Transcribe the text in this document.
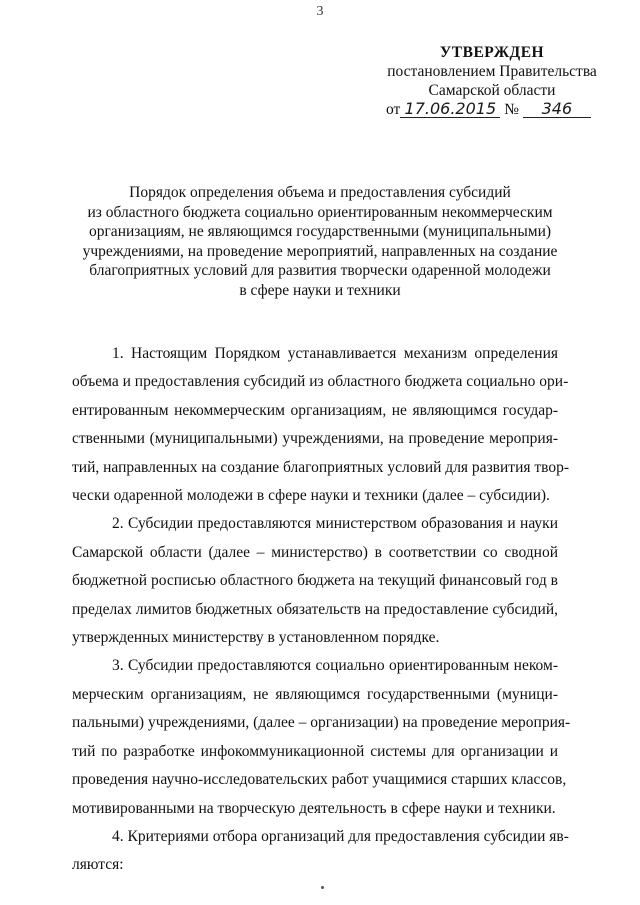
3
УТВЕРЖДЕН
постановлением Правительства
Самарской области
от 17.06.2015 № 346
Порядок определения объема и предоставления субсидий
из областного бюджета социально ориентированным некоммерческим
организациям, не являющимся государственными (муниципальными)
учреждениями, на проведение мероприятий, направленных на создание
благоприятных условий для развития творчески одаренной молодежи
в сфере науки и техники
1. Настоящим Порядком устанавливается механизм определения
объема и предоставления субсидий из областного бюджета социально ори-
ентированным некоммерческим организациям, не являющимся государ-
ственными (муниципальными) учреждениями, на проведение мероприя-
тий, направленных на создание благоприятных условий для развития твор-
чески одаренной молодежи в сфере науки и техники (далее – субсидии).
2. Субсидии предоставляются министерством образования и науки
Самарской области (далее – министерство) в соответствии со сводной
бюджетной росписью областного бюджета на текущий финансовый год в
пределах лимитов бюджетных обязательств на предоставление субсидий,
утвержденных министерству в установленном порядке.
3. Субсидии предоставляются социально ориентированным неком-
мерческим организациям, не являющимся государственными (муници-
пальными) учреждениями, (далее – организации) на проведение мероприя-
тий по разработке инфокоммуникационной системы для организации и
проведения научно-исследовательских работ учащимися старших классов,
мотивированными на творческую деятельность в сфере науки и техники.
4. Критериями отбора организаций для предоставления субсидии яв-
ляются:
